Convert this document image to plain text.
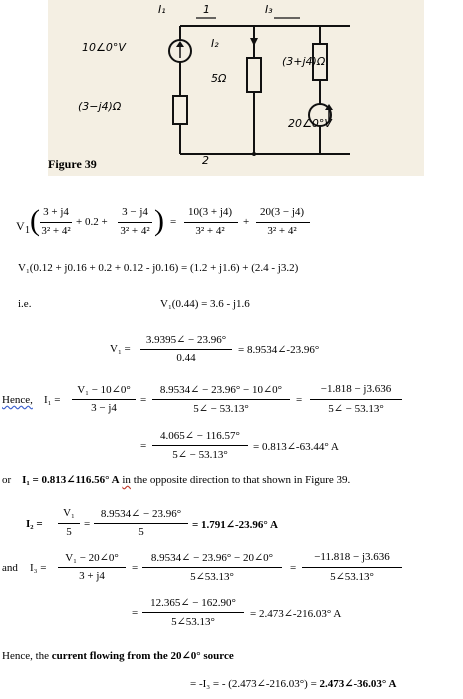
I₁	1	I₃
I₂
10∠0°V
(3−j4)Ω
5Ω
(3+j4)Ω
20∠0°V
2
Figure 39
V 1 ( 3 + j4
3² + 4²
+ 0.2 +
3 − j4
3² + 4² ) =
10(3 + j4)
3² + 4²
+
20(3 − j4)
3² + 4²
V₁(0.12 + j0.16 + 0.2 + 0.12 - j0.16) = (1.2 + j1.6) + (2.4 - j3.2)
i.e.	V₁(0.44) = 3.6 - j1.6
V₁ =
3.9395∠ − 23.96°
0.44
= 8.9534∠-23.96°
Hence, I₁ =
V₁ − 10∠0°
3 − j4
=
8.9534∠ − 23.96° − 10∠0°
5∠ − 53.13°
=
−1.818 − j3.636
5∠ − 53.13°
=
4.065∠ − 116.57°
5∠ − 53.13°
= 0.813∠-63.44° A
or I₁ = 0.813∠116.56° A in the opposite direction to that shown in Figure 39.
I₂ =
V₁
5
=
8.9534∠ − 23.96°
5
= 1.791∠-23.96° A
and I₃ =
V₁ − 20∠0°
3 + j4
=
8.9534∠ − 23.96° − 20∠0°
5∠53.13°
=
−11.818 − j3.636
5∠53.13°
=
12.365∠ − 162.90°
5∠53.13°
= 2.473∠-216.03° A
Hence, the current flowing from the 20∠0° source
= -I₃ = - (2.473∠-216.03°) = 2.473∠-36.03° A
